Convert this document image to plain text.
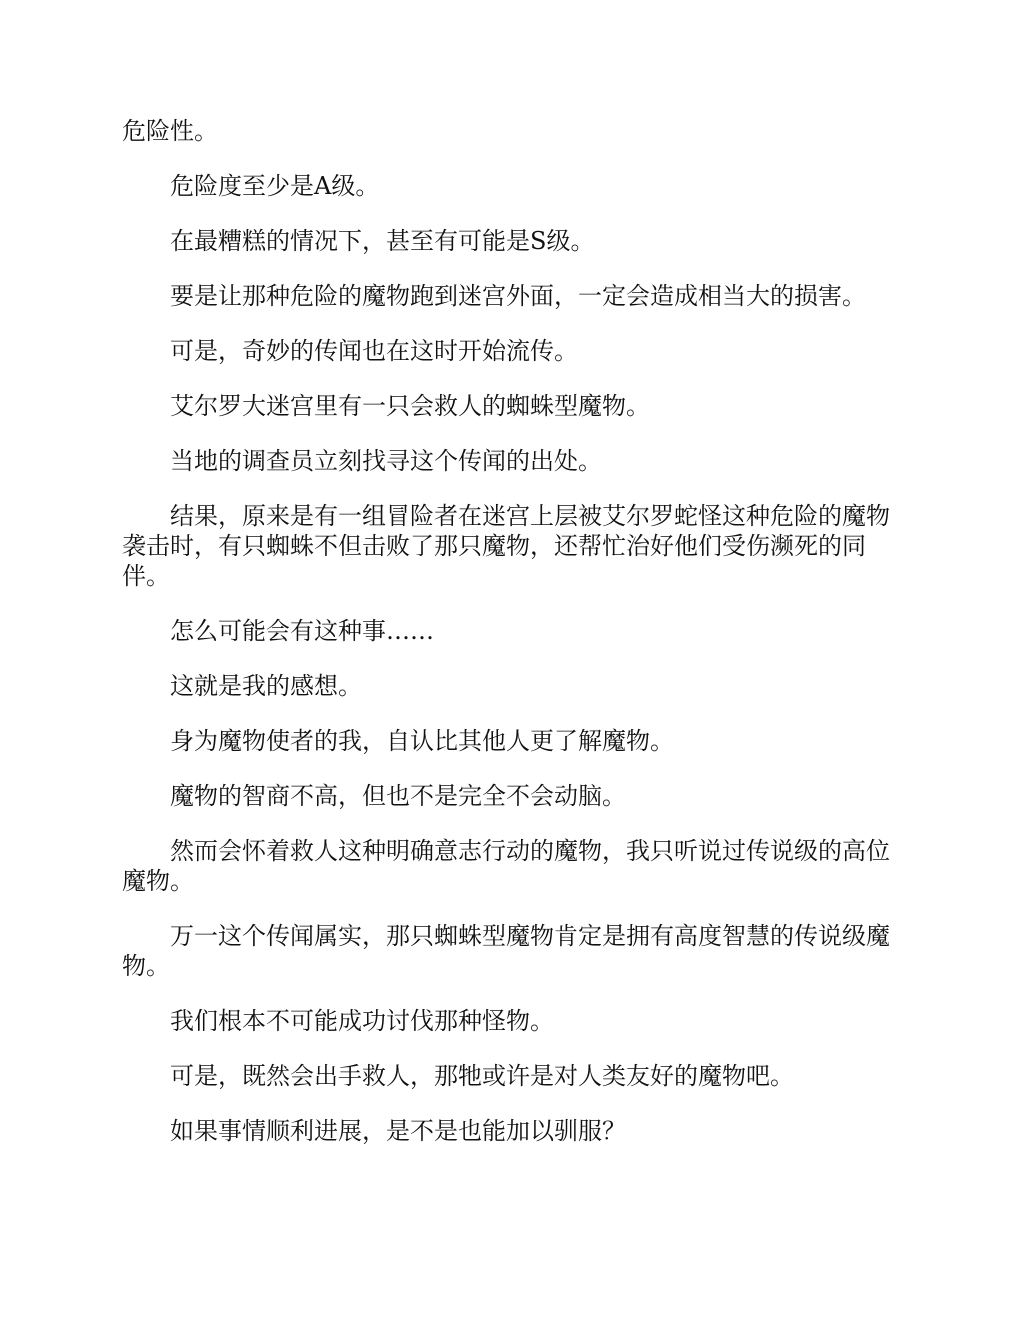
危险性。

危险度至少是A级。

在最糟糕的情况下，甚至有可能是S级。

要是让那种危险的魔物跑到迷宫外面，一定会造成相当大的损害。

可是，奇妙的传闻也在这时开始流传。

艾尔罗大迷宫里有一只会救人的蜘蛛型魔物。

当地的调查员立刻找寻这个传闻的出处。

结果，原来是有一组冒险者在迷宫上层被艾尔罗蛇怪这种危险的魔物袭击时，有只蜘蛛不但击败了那只魔物，还帮忙治好他们受伤濒死的同伴。

怎么可能会有这种事……

这就是我的感想。

身为魔物使者的我，自认比其他人更了解魔物。

魔物的智商不高，但也不是完全不会动脑。

然而会怀着救人这种明确意志行动的魔物，我只听说过传说级的高位魔物。

万一这个传闻属实，那只蜘蛛型魔物肯定是拥有高度智慧的传说级魔物。

我们根本不可能成功讨伐那种怪物。

可是，既然会出手救人，那牠或许是对人类友好的魔物吧。

如果事情顺利进展，是不是也能加以驯服？
